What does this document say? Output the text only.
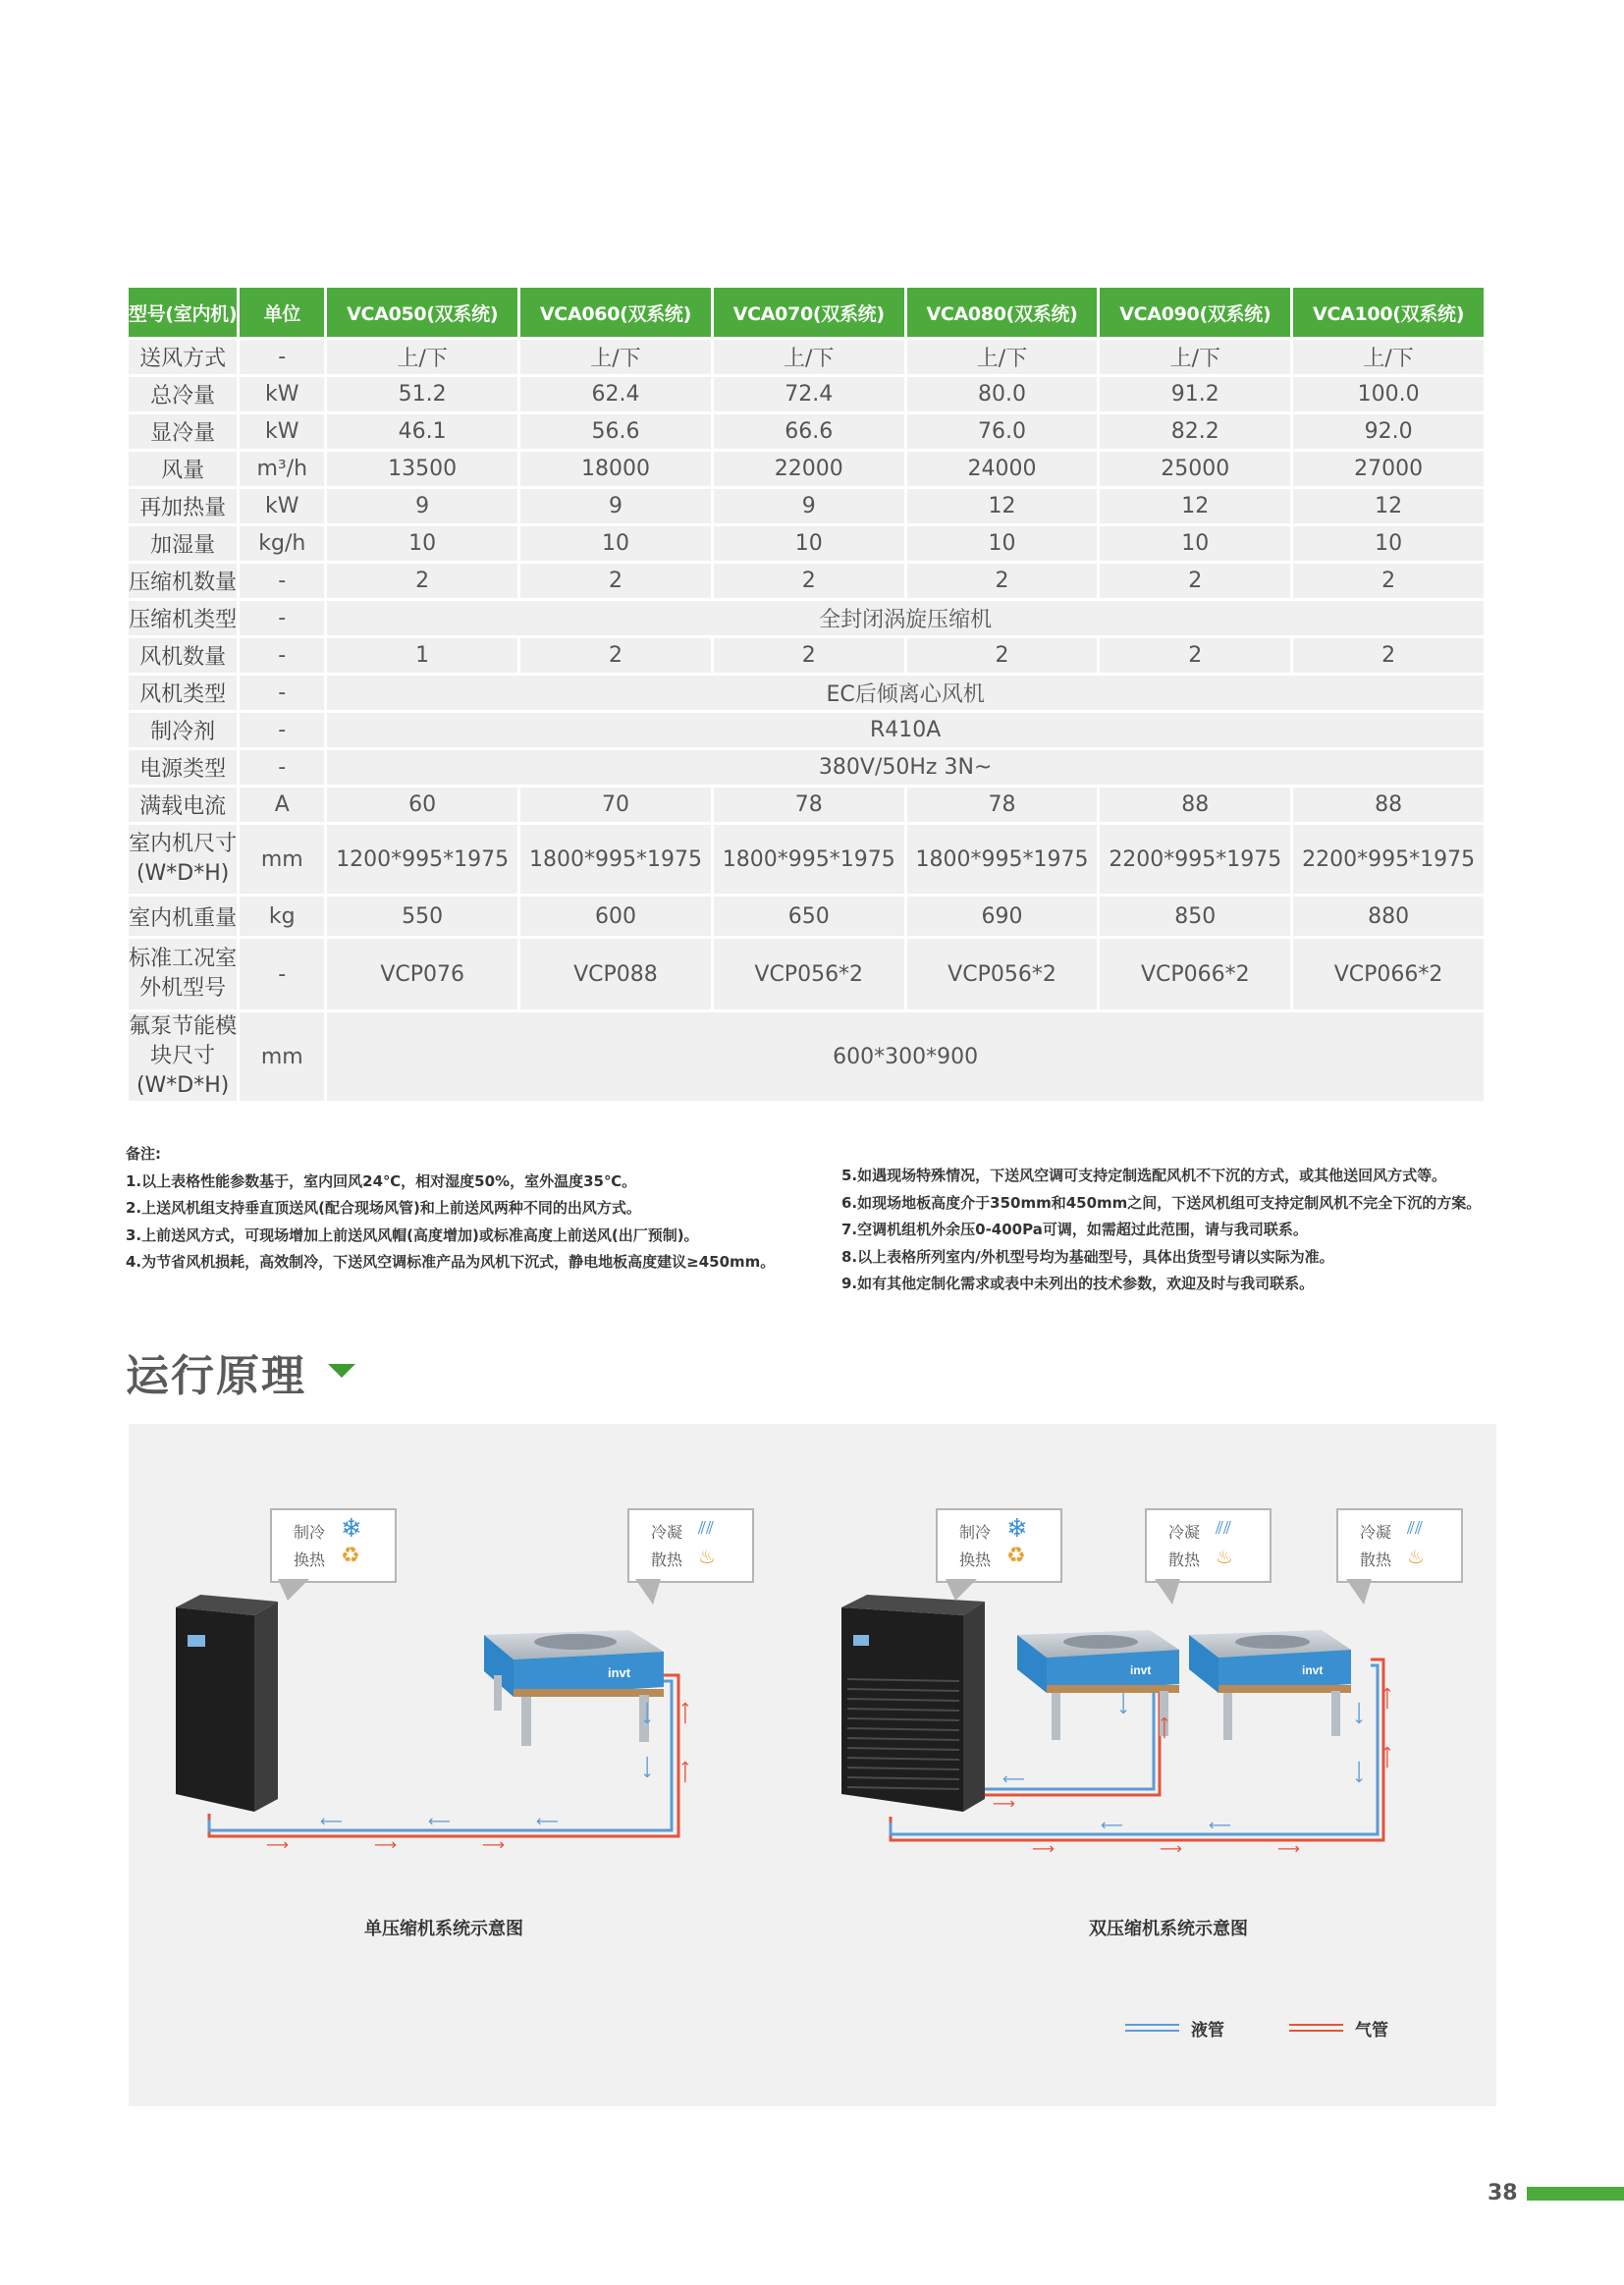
型号(室内机)	单位	VCA050(双系统)	VCA060(双系统)	VCA070(双系统)	VCA080(双系统)	VCA090(双系统)	VCA100(双系统)
送风方式	-	上/下	上/下	上/下	上/下	上/下	上/下
总冷量	kW	51.2	62.4	72.4	80.0	91.2	100.0
显冷量	kW	46.1	56.6	66.6	76.0	82.2	92.0
风量	m³/h	13500	18000	22000	24000	25000	27000
再加热量	kW	9	9	9	12	12	12
加湿量	kg/h	10	10	10	10	10	10
压缩机数量	-	2	2	2	2	2	2
压缩机类型	-	全封闭涡旋压缩机					
风机数量	-	1	2	2	2	2	2
风机类型	-	EC后倾离心风机					
制冷剂	-	R410A					
电源类型	-	380V/50Hz 3N~					
满载电流	A	60	70	78	78	88	88
室内机尺寸(W*D*H)	mm	1200*995*1975	1800*995*1975	1800*995*1975	1800*995*1975	2200*995*1975	2200*995*1975
室内机重量	kg	550	600	650	690	850	880
标准工况室外机型号	-	VCP076	VCP088	VCP056*2	VCP056*2	VCP066*2	VCP066*2
氟泵节能模块尺寸(W*D*H)	mm	600*300*900					
备注:
1.以上表格性能参数基于，室内回风24℃，相对湿度50%，室外温度35℃。
2.上送风机组支持垂直顶送风(配合现场风管)和上前送风两种不同的出风方式。
3.上前送风方式，可现场增加上前送风风帽(高度增加)或标准高度上前送风(出厂预制)。
4.为节省风机损耗，高效制冷，下送风空调标准产品为风机下沉式，静电地板高度建议≥450mm。
5.如遇现场特殊情况，下送风空调可支持定制选配风机不下沉的方式，或其他送回风方式等。
6.如现场地板高度介于350mm和450mm之间，下送风机组可支持定制风机不完全下沉的方案。
7.空调机组机外余压0-400Pa可调，如需超过此范围，请与我司联系。
8.以上表格所列室内/外机型号均为基础型号，具体出货型号请以实际为准。
9.如有其他定制化需求或表中未列出的技术参数，欢迎及时与我司联系。
运行原理
invt
⟶	⟶	⟶
⟶
⟶
⟵	⟵	⟵
⟶
⟶
invt	invt
⟶
⟶	⟶	⟶
⟶
⟶
⟶
⟵
⟵	⟵
⟶	⟶
⟶
制冷
换热
❄
♻
冷凝
散热
⫽⫽
♨
制冷
换热
❄
♻
冷凝
散热
⫽⫽
♨
冷凝
散热
⫽⫽
♨
单压缩机系统示意图	双压缩机系统示意图
液管	气管
38
